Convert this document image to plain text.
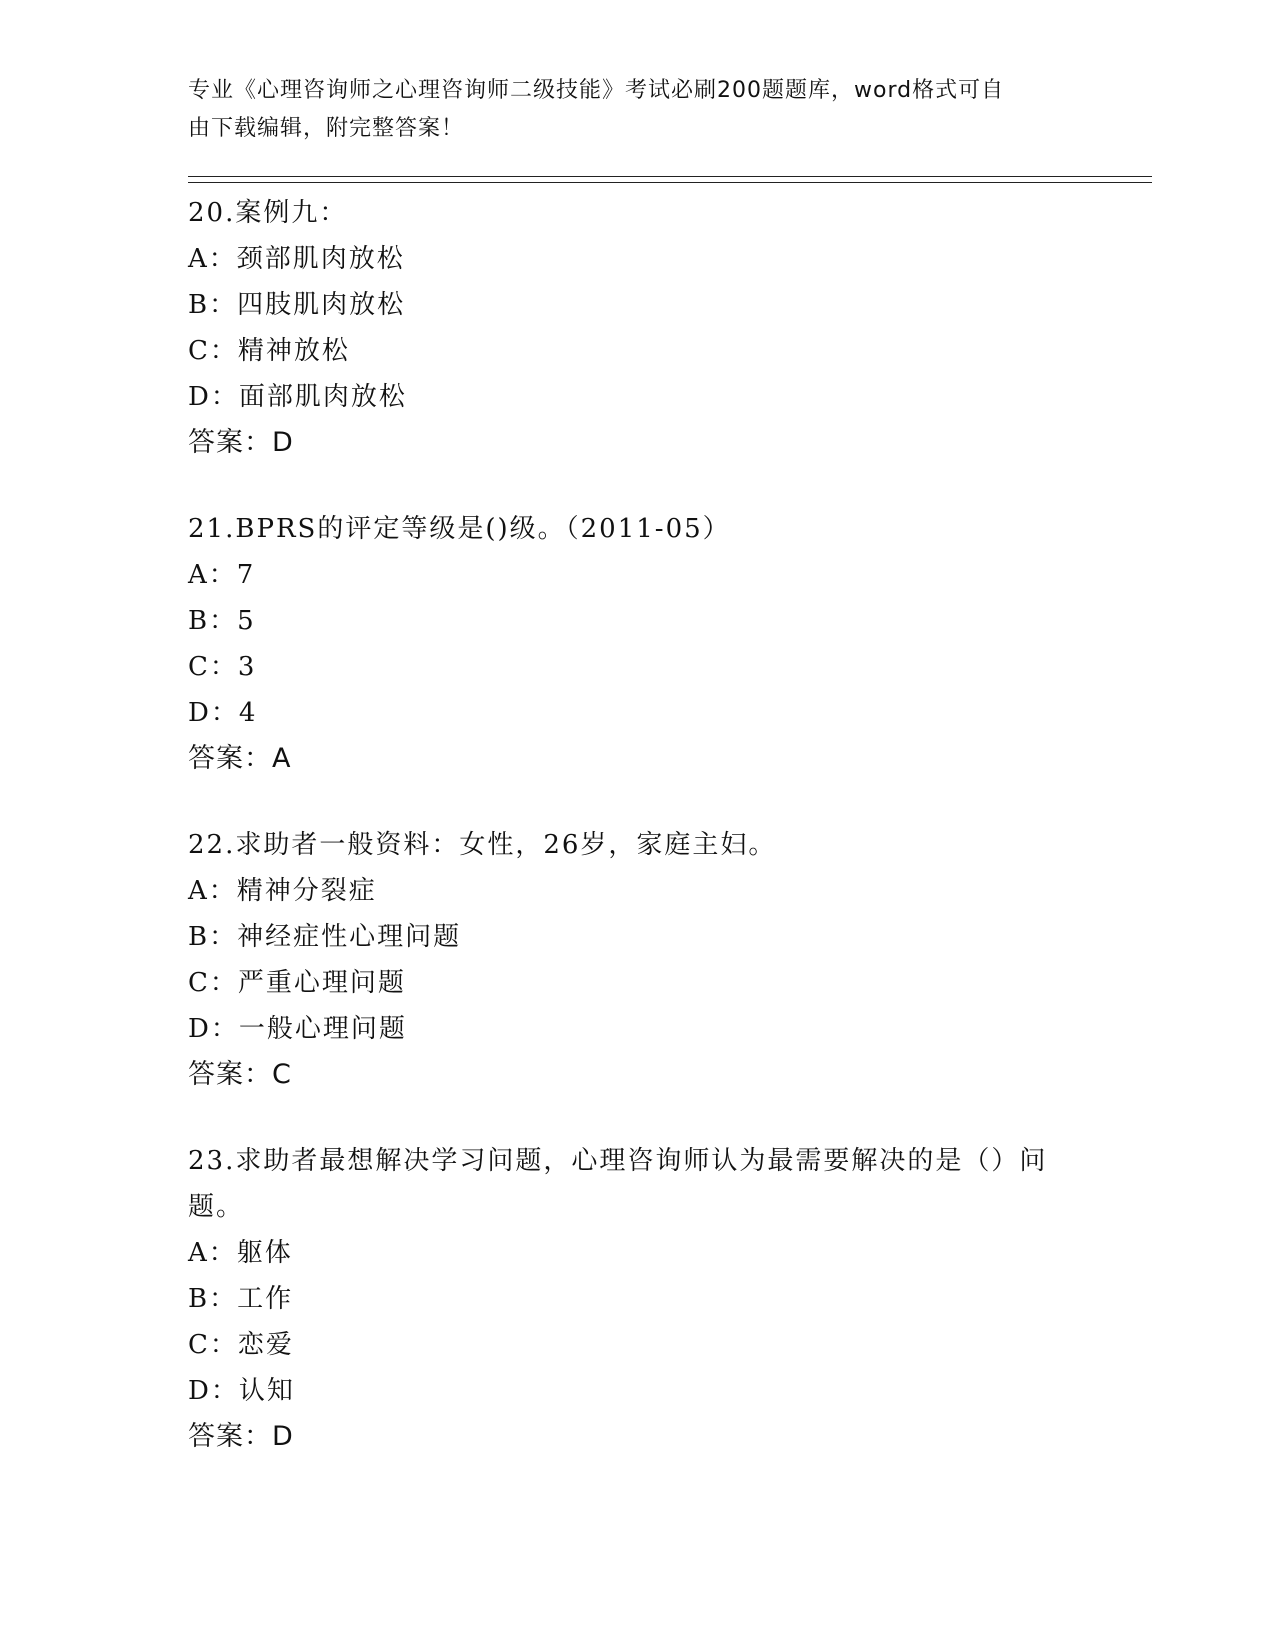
专业《心理咨询师之心理咨询师二级技能》考试必刷200题题库，word格式可自
由下载编辑，附完整答案！

20.案例九：

A：颈部肌肉放松

B：四肢肌肉放松

C：精神放松

D：面部肌肉放松

答案：D

21.BPRS的评定等级是()级。（2011-05）

A：7

B：5

C：3

D：4

答案：A

22.求助者一般资料：女性，26岁，家庭主妇。

A：精神分裂症

B：神经症性心理问题

C：严重心理问题

D：一般心理问题

答案：C

23.求助者最想解决学习问题，心理咨询师认为最需要解决的是（）问

题。

A：躯体

B：工作

C：恋爱

D：认知

答案：D
